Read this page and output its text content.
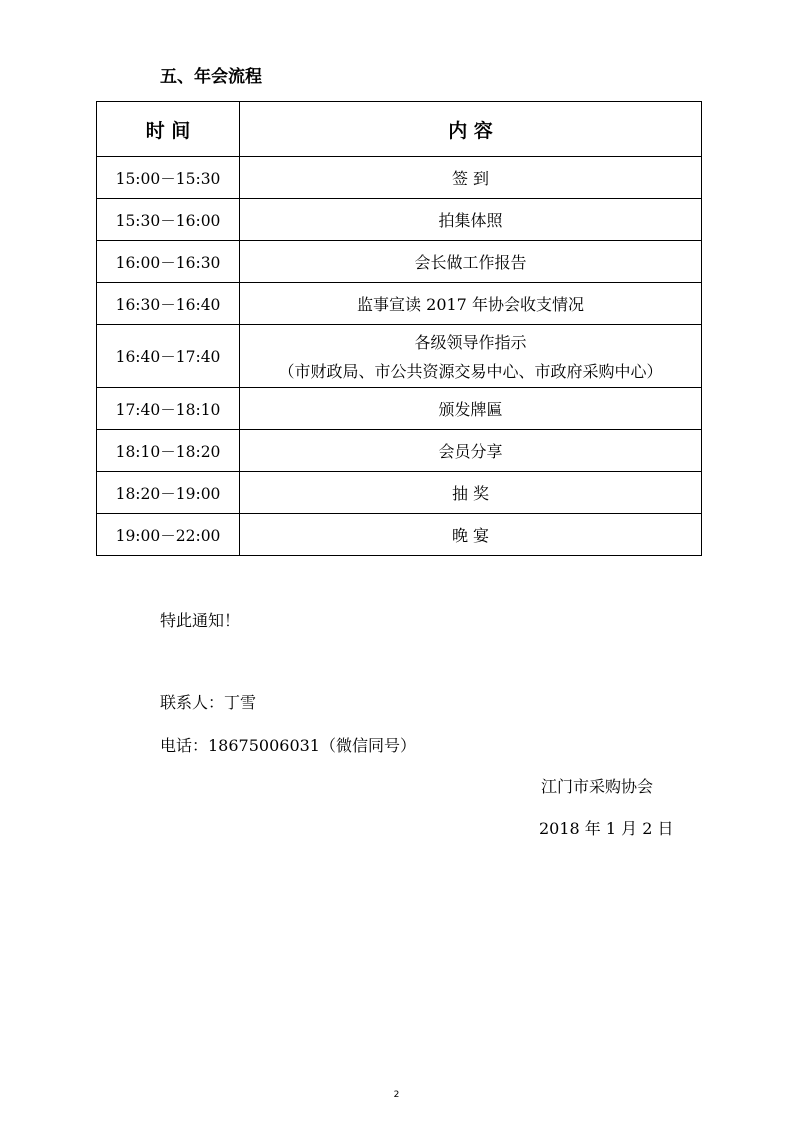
五、年会流程
时 间	内 容
15:00－15:30	签 到
15:30－16:00	拍集体照
16:00－16:30	会长做工作报告
16:30－16:40	监事宣读 2017 年协会收支情况
16:40－17:40	各级领导作指示
（市财政局、市公共资源交易中心、市政府采购中心）

17:40－18:10	颁发牌匾
18:10－18:20	会员分享
18:20－19:00	抽 奖
19:00－22:00	晚 宴
特此通知！
联系人：丁雪
电话：18675006031（微信同号）
江门市采购协会
2018 年 1 月 2 日
2
